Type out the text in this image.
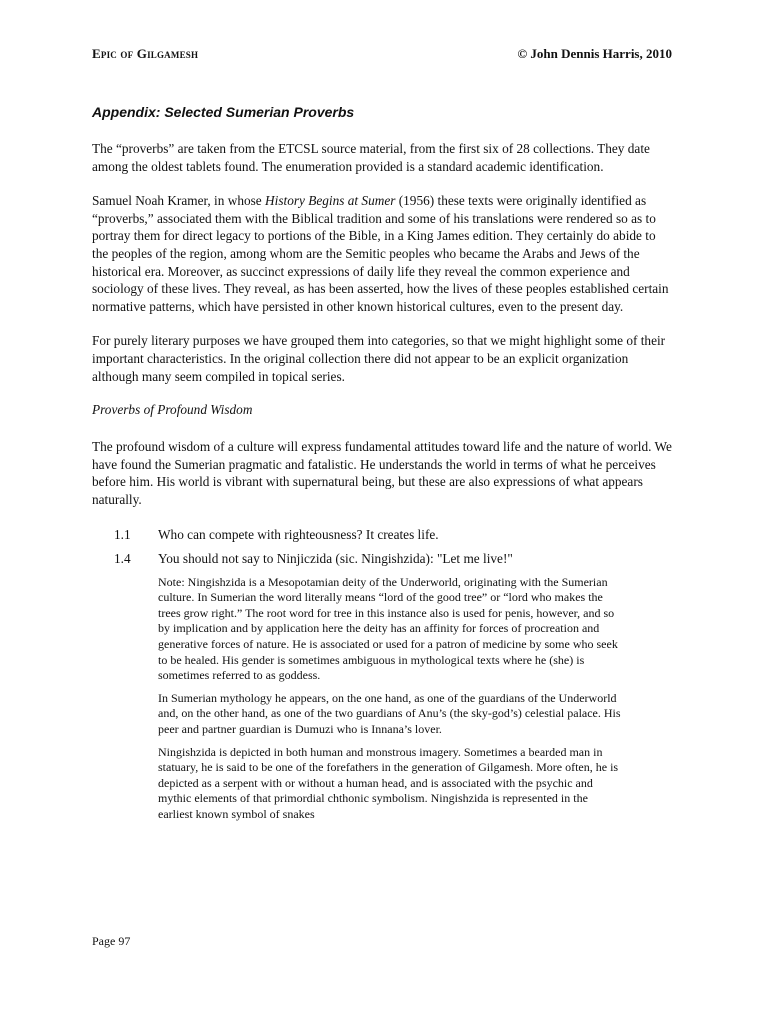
Epic of Gilgamesh	© John Dennis Harris, 2010
Appendix: Selected Sumerian Proverbs

The “proverbs” are taken from the ETCSL source material, from the first six of 28 collections. They date among the oldest tablets found. The enumeration provided is a standard academic identification.

Samuel Noah Kramer, in whose History Begins at Sumer (1956) these texts were originally identified as “proverbs,” associated them with the Biblical tradition and some of his translations were rendered so as to portray them for direct legacy to portions of the Bible, in a King James edition. They certainly do abide to the peoples of the region, among whom are the Semitic peoples who became the Arabs and Jews of the historical era. Moreover, as succinct expressions of daily life they reveal the common experience and sociology of these lives. They reveal, as has been asserted, how the lives of these peoples established certain normative patterns, which have persisted in other known historical cultures, even to the present day.

For purely literary purposes we have grouped them into categories, so that we might highlight some of their important characteristics. In the original collection there did not appear to be an explicit organization although many seem compiled in topical series.

Proverbs of Profound Wisdom

The profound wisdom of a culture will express fundamental attitudes toward life and the nature of world. We have found the Sumerian pragmatic and fatalistic. He understands the world in terms of what he perceives before him. His world is vibrant with supernatural being, but these are also expressions of what appears naturally.

1.1	Who can compete with righteousness? It creates life.
1.4	You should not say to Ninjiczida (sic. Ningishzida): "Let me live!"

Note: Ningishzida is a Mesopotamian deity of the Underworld, originating with the Sumerian culture. In Sumerian the word literally means “lord of the good tree” or “lord who makes the trees grow right.” The root word for tree in this instance also is used for penis, however, and so by implication and by application here the deity has an affinity for forces of procreation and generative forces of nature. He is associated or used for a patron of medicine by some who seek to be healed. His gender is sometimes ambiguous in mythological texts where he (she) is sometimes referred to as goddess.

In Sumerian mythology he appears, on the one hand, as one of the guardians of the Underworld and, on the other hand, as one of the two guardians of Anu’s (the sky-god’s) celestial palace. His peer and partner guardian is Dumuzi who is Innana’s lover.

Ningishzida is depicted in both human and monstrous imagery. Sometimes a bearded man in statuary, he is said to be one of the forefathers in the generation of Gilgamesh. More often, he is depicted as a serpent with or without a human head, and is associated with the psychic and mythic elements of that primordial chthonic symbolism. Ningishzida is represented in the earliest known symbol of snakes

Page 97
